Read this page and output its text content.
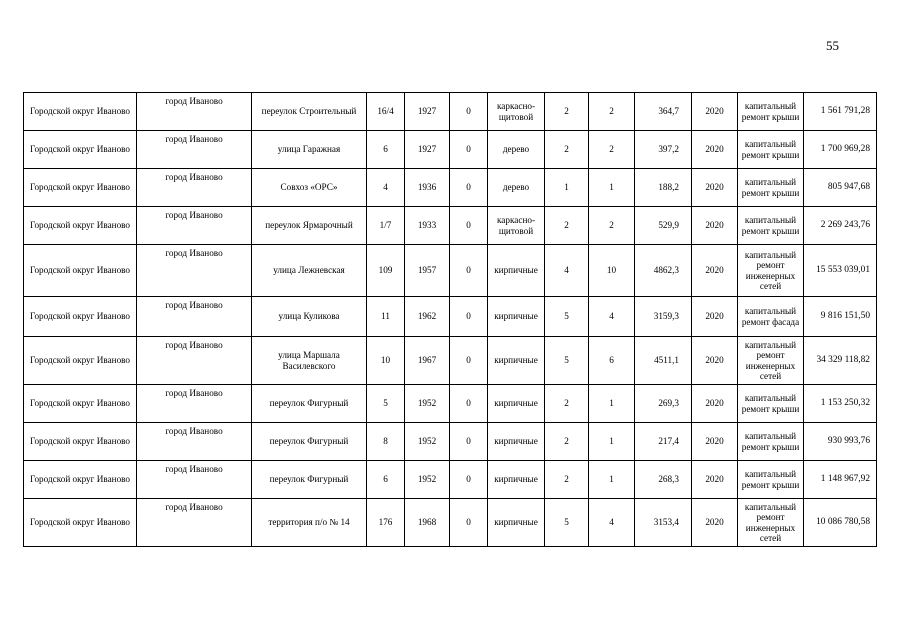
55
Городской округ Иваново	город Иваново	переулок Строительный	16/4	1927	0	каркасно-щитовой	2	2	364,7	2020	капитальный ремонт крыши	1 561 791,28
Городской округ Иваново	город Иваново	улица Гаражная	6	1927	0	дерево	2	2	397,2	2020	капитальный ремонт крыши	1 700 969,28
Городской округ Иваново	город Иваново	Совхоз «ОРС»	4	1936	0	дерево	1	1	188,2	2020	капитальный ремонт крыши	805 947,68
Городской округ Иваново	город Иваново	переулок Ярмарочный	1/7	1933	0	каркасно-щитовой	2	2	529,9	2020	капитальный ремонт крыши	2 269 243,76
Городской округ Иваново	город Иваново	улица Лежневская	109	1957	0	кирпичные	4	10	4862,3	2020	капитальный ремонт инженерных сетей	15 553 039,01
Городской округ Иваново	город Иваново	улица Куликова	11	1962	0	кирпичные	5	4	3159,3	2020	капитальный ремонт фасада	9 816 151,50
Городской округ Иваново	город Иваново	улица Маршала Василевского	10	1967	0	кирпичные	5	6	4511,1	2020	капитальный ремонт инженерных сетей	34 329 118,82
Городской округ Иваново	город Иваново	переулок Фигурный	5	1952	0	кирпичные	2	1	269,3	2020	капитальный ремонт крыши	1 153 250,32
Городской округ Иваново	город Иваново	переулок Фигурный	8	1952	0	кирпичные	2	1	217,4	2020	капитальный ремонт крыши	930 993,76
Городской округ Иваново	город Иваново	переулок Фигурный	6	1952	0	кирпичные	2	1	268,3	2020	капитальный ремонт крыши	1 148 967,92
Городской округ Иваново	город Иваново	территория п/о № 14	176	1968	0	кирпичные	5	4	3153,4	2020	капитальный ремонт инженерных сетей	10 086 780,58
